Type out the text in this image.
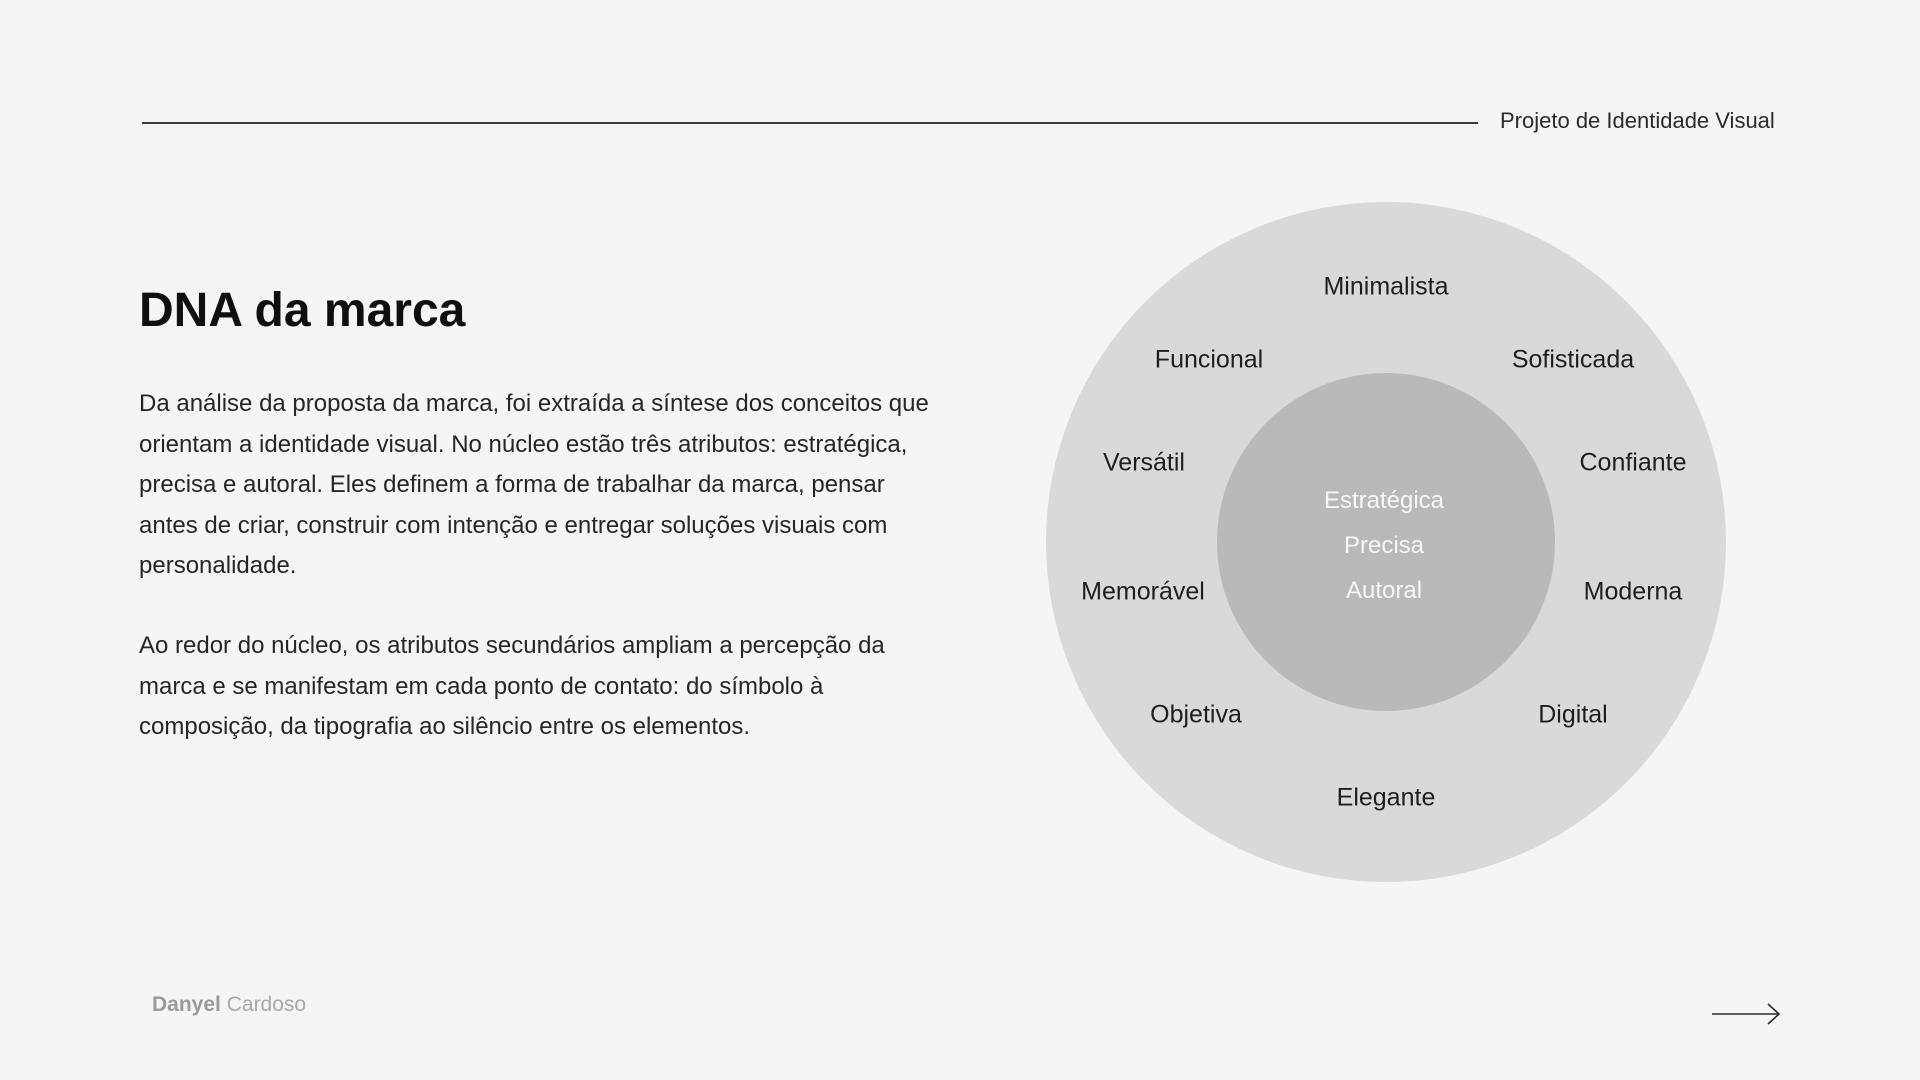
Projeto de Identidade Visual
DNA da marca

Da análise da proposta da marca, foi extraída a síntese dos conceitos que orientam a identidade visual. No núcleo estão três atributos: estratégica, precisa e autoral. Eles definem a forma de trabalhar da marca, pensar antes de criar, construir com intenção e entregar soluções visuais com personalidade.

Ao redor do núcleo, os atributos secundários ampliam a percepção da marca e se manifestam em cada ponto de contato: do símbolo à composição, da tipografia ao silêncio entre os elementos.

Estratégica
Precisa
Autoral
Minimalista
Sofisticada
Confiante
Moderna
Digital
Elegante
Objetiva
Memorável
Versátil
Funcional
Danyel Cardoso
